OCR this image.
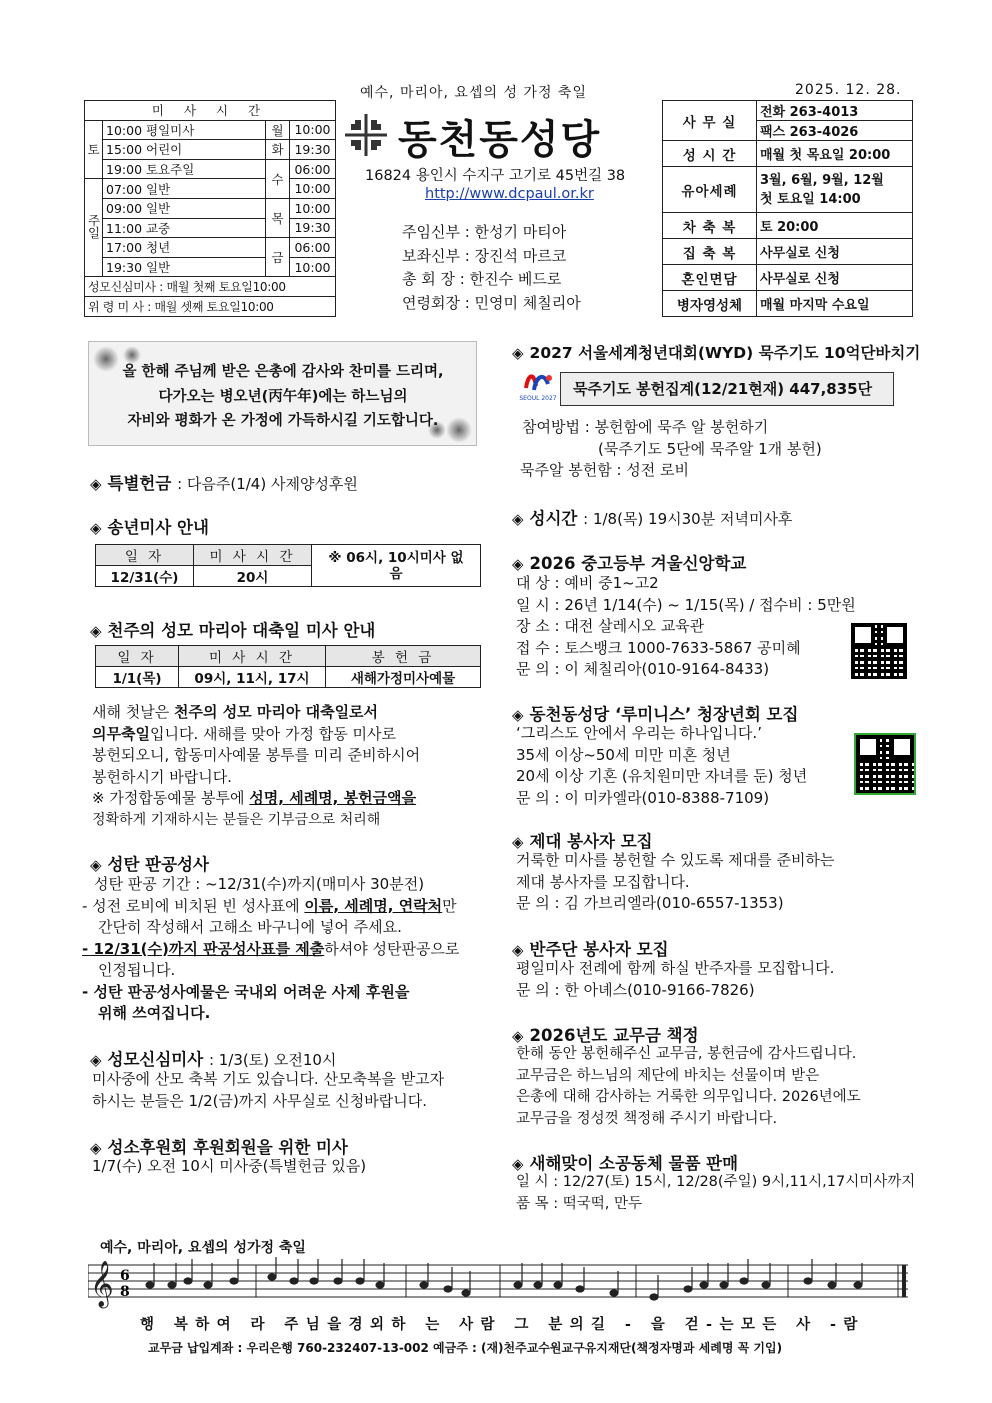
예수, 마리아, 요셉의 성 가정 축일	2025. 12. 28.
미 사 시 간			
토	10:00 평일미사	월	10:00
	15:00 어린이	화	19:30
	19:00 토요주일	수	06:00
주일	07:00 일반		10:00
	09:00 일반	목	10:00
	11:00 교중		19:30
	17:00 청년	금	06:00
	19:30 일반		10:00
성모신심미사 : 매월 첫째 토요일10:00			
위 령 미 사 : 매월 셋째 토요일10:00			
동천동성당
16824 용인시 수지구 고기로 45번길 38
http://www.dcpaul.or.kr
주임신부 : 한성기 마티아
보좌신부 : 장진석 마르코
총 회 장 : 한진수 베드로
연령회장 : 민영미 체칠리아
사 무 실	전화 263-4013
	팩스 263-4026
성 시 간	매월 첫 목요일 20:00
유아세례	3월, 6월, 9월, 12월
첫 토요일 14:00

차 축 복	토 20:00
집 축 복	사무실로 신청
혼인면담	사무실로 신청
병자영성체	매월 마지막 수요일
올 한해 주님께 받은 은총에 감사와 찬미를 드리며,
다가오는 병오년(丙午年)에는 하느님의
자비와 평화가 온 가정에 가득하시길 기도합니다.
◈ 특별헌금 : 다음주(1/4) 사제양성후원
◈ 송년미사 안내
일 자	미 사 시 간	※ 06시, 10시미사 없음
12/31(수)	20시	
◈ 천주의 성모 마리아 대축일 미사 안내
일 자	미 사 시 간	봉 헌 금
1/1(목)	09시, 11시, 17시	새해가정미사예물
새해 첫날은 천주의 성모 마리아 대축일로서
의무축일입니다. 새해를 맞아 가정 합동 미사로
봉헌되오니, 합동미사예물 봉투를 미리 준비하시어
봉헌하시기 바랍니다.
※ 가정합동예물 봉투에 성명, 세례명, 봉헌금액을
정확하게 기재하시는 분들은 기부금으로 처리해
◈ 성탄 판공성사
성탄 판공 기간 : ~12/31(수)까지(매미사 30분전)
- 성전 로비에 비치된 빈 성사표에 이름, 세례명, 연락처만
간단히 작성해서 고해소 바구니에 넣어 주세요.
- 12/31(수)까지 판공성사표를 제출하셔야 성탄판공으로
인정됩니다.
- 성탄 판공성사예물은 국내외 어려운 사제 후원을
위해 쓰여집니다.
◈ 성모신심미사 : 1/3(토) 오전10시
미사중에 산모 축복 기도 있습니다. 산모축복을 받고자
하시는 분들은 1/2(금)까지 사무실로 신청바랍니다.
◈ 성소후원회 후원회원을 위한 미사
1/7(수) 오전 10시 미사중(특별헌금 있음)
◈ 2027 서울세계청년대회(WYD) 묵주기도 10억단바치기
SEOUL 2027
묵주기도 봉헌집계(12/21현재) 447,835단
참여방법 : 봉헌함에 묵주 알 봉헌하기
(묵주기도 5단에 묵주알 1개 봉헌)
묵주알 봉헌함 : 성전 로비
◈ 성시간 : 1/8(목) 19시30분 저녁미사후
◈ 2026 중고등부 겨울신앙학교
대 상 : 예비 중1~고2
일 시 : 26년 1/14(수) ~ 1/15(목) / 접수비 : 5만원
장 소 : 대전 살레시오 교육관
접 수 : 토스뱅크 1000-7633-5867 공미혜
문 의 : 이 체칠리아(010-9164-8433)
◈ 동천동성당 ‘루미니스’ 청장년회 모집
‘그리스도 안에서 우리는 하나입니다.’
35세 이상~50세 미만 미혼 청년
20세 이상 기혼 (유치원미만 자녀를 둔) 청년
문 의 : 이 미카엘라(010-8388-7109)
◈ 제대 봉사자 모집
거룩한 미사를 봉헌할 수 있도록 제대를 준비하는
제대 봉사자를 모집합니다.
문 의 : 김 가브리엘라(010-6557-1353)
◈ 반주단 봉사자 모집
평일미사 전례에 함께 하실 반주자를 모집합니다.
문 의 : 한 아녜스(010-9166-7826)
◈ 2026년도 교무금 책정
한해 동안 봉헌해주신 교무금, 봉헌금에 감사드립니다.
교무금은 하느님의 제단에 바치는 선물이며 받은
은총에 대해 감사하는 거룩한 의무입니다. 2026년에도
교무금을 정성껏 책정해 주시기 바랍니다.
◈ 새해맞이 소공동체 물품 판매
일 시 : 12/27(토) 15시, 12/28(주일) 9시,11시,17시미사까지
품 목 : 떡국떡, 만두
예수, 마리아, 요셉의 성가정 축일
𝄞 6
8
행 복하여 라 주님을경외하 는 사람 그 분의길 - 을 걷-는모든 사 -람
교무금 납입계좌 : 우리은행 760-232407-13-002 예금주 : (재)천주교수원교구유지재단(책정자명과 세례명 꼭 기입)
